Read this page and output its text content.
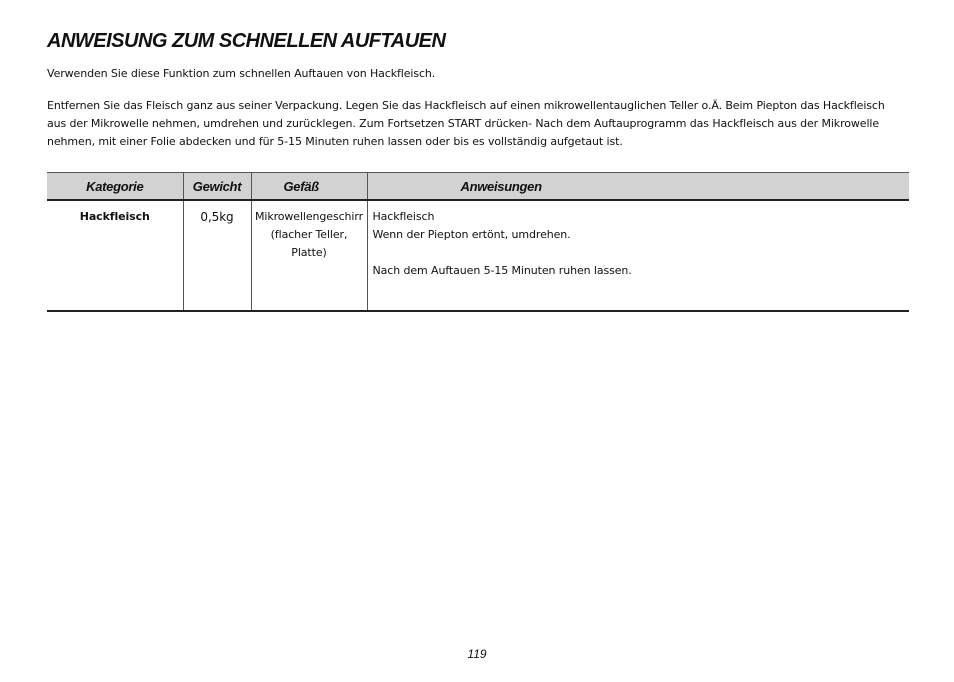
ANWEISUNG ZUM SCHNELLEN AUFTAUEN

Verwenden Sie diese Funktion zum schnellen Auftauen von Hackfleisch.

Entfernen Sie das Fleisch ganz aus seiner Verpackung. Legen Sie das Hackfleisch auf einen mikrowellentauglichen Teller o.Ä. Beim Piepton das Hackfleisch aus der Mikrowelle nehmen, umdrehen und zurücklegen. Zum Fortsetzen START drücken- Nach dem Auftauprogramm das Hackfleisch aus der Mikrowelle nehmen, mit einer Folie abdecken und für 5-15 Minuten ruhen lassen oder bis es vollständig aufgetaut ist.

Kategorie	Gewicht	Gefäß	Anweisungen
Hackfleisch	0,5kg	Mikrowellengeschirr (flacher Teller, Platte)	Hackfleisch
Wenn der Piepton ertönt, umdrehen.
Nach dem Auftauen 5-15 Minuten ruhen lassen.
119
